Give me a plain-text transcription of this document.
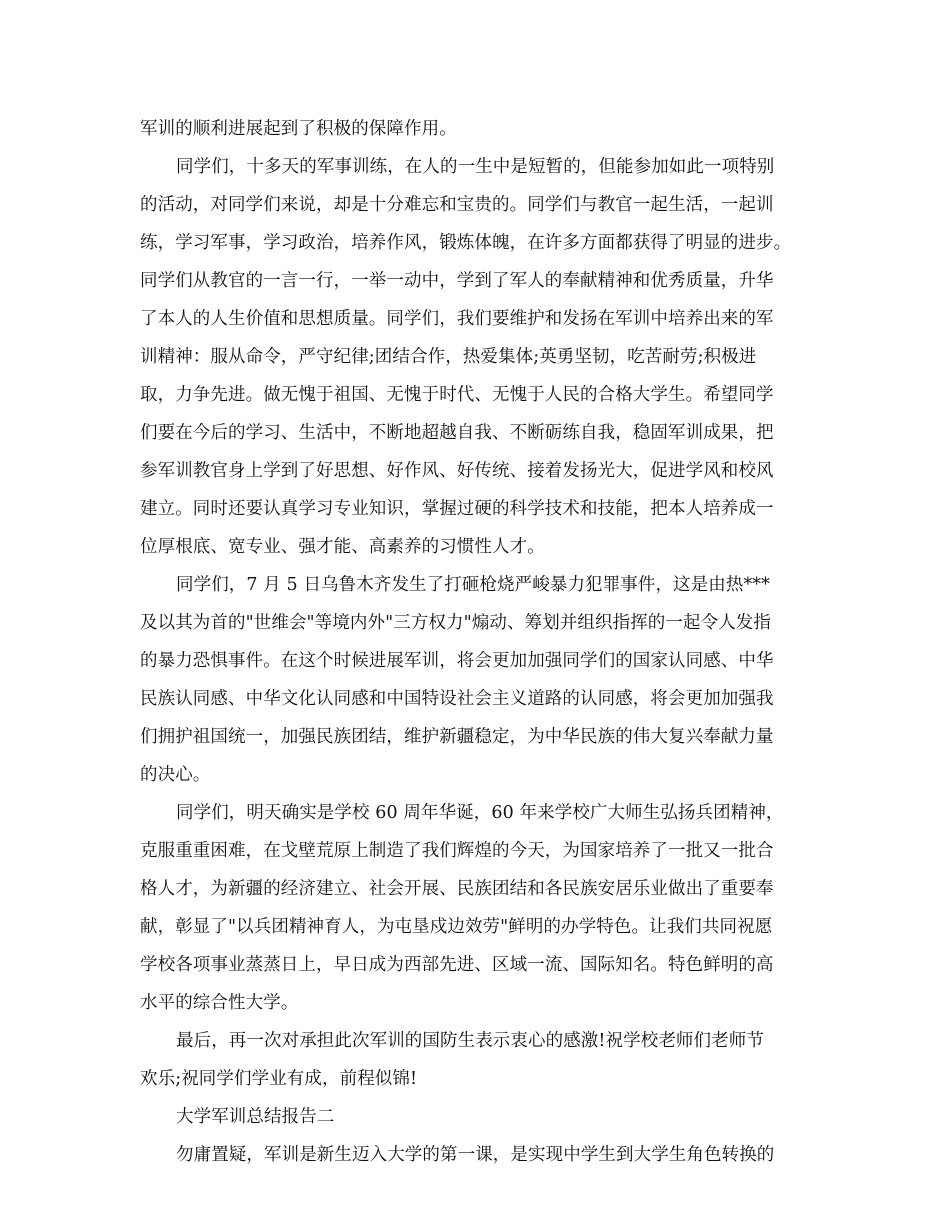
军训的顺利进展起到了积极的保障作用。
同学们，十多天的军事训练，在人的一生中是短暂的，但能参加如此一项特别
的活动，对同学们来说，却是十分难忘和宝贵的。同学们与教官一起生活，一起训
练，学习军事，学习政治，培养作风，锻炼体魄，在许多方面都获得了明显的进步。
同学们从教官的一言一行，一举一动中，学到了军人的奉献精神和优秀质量，升华
了本人的人生价值和思想质量。同学们，我们要维护和发扬在军训中培养出来的军
训精神：服从命令，严守纪律;团结合作，热爱集体;英勇坚韧，吃苦耐劳;积极进
取，力争先进。做无愧于祖国、无愧于时代、无愧于人民的合格大学生。希望同学
们要在今后的学习、生活中，不断地超越自我、不断砺练自我，稳固军训成果，把
参军训教官身上学到了好思想、好作风、好传统、接着发扬光大，促进学风和校风
建立。同时还要认真学习专业知识，掌握过硬的科学技术和技能，把本人培养成一
位厚根底、宽专业、强才能、高素养的习惯性人才。
同学们，7 月 5 日乌鲁木齐发生了打砸枪烧严峻暴力犯罪事件，这是由热***
及以其为首的"世维会"等境内外"三方权力"煽动、筹划并组织指挥的一起令人发指
的暴力恐惧事件。在这个时候进展军训，将会更加加强同学们的国家认同感、中华
民族认同感、中华文化认同感和中国特设社会主义道路的认同感，将会更加加强我
们拥护祖国统一，加强民族团结，维护新疆稳定，为中华民族的伟大复兴奉献力量
的决心。
同学们，明天确实是学校 60 周年华诞，60 年来学校广大师生弘扬兵团精神，
克服重重困难，在戈壁荒原上制造了我们辉煌的今天，为国家培养了一批又一批合
格人才，为新疆的经济建立、社会开展、民族团结和各民族安居乐业做出了重要奉
献，彰显了"以兵团精神育人，为屯垦戍边效劳"鲜明的办学特色。让我们共同祝愿
学校各项事业蒸蒸日上，早日成为西部先进、区域一流、国际知名。特色鲜明的高
水平的综合性大学。
最后，再一次对承担此次军训的国防生表示衷心的感激!祝学校老师们老师节
欢乐;祝同学们学业有成，前程似锦!
大学军训总结报告二
勿庸置疑，军训是新生迈入大学的第一课，是实现中学生到大学生角色转换的
